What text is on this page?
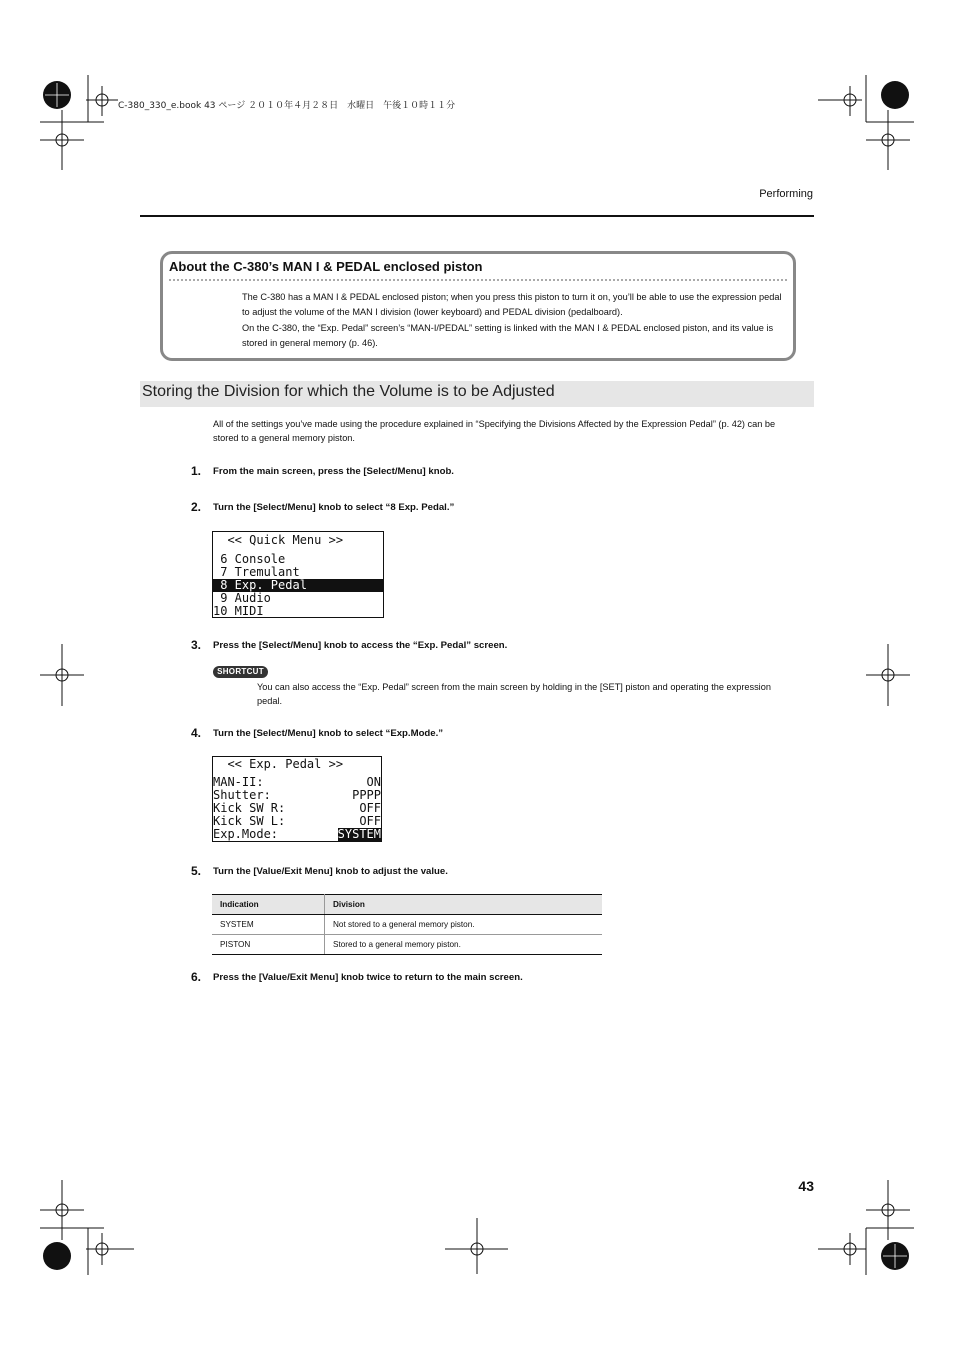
C-380_330_e.book 43 ページ ２０１０年４月２８日　水曜日　午後１０時１１分
Performing
About the C-380’s MAN I & PEDAL enclosed piston

The C-380 has a MAN I & PEDAL enclosed piston; when you press this piston to turn it on, you’ll be able to use the expression pedal to adjust the volume of the MAN I division (lower keyboard) and PEDAL division (pedalboard).

On the C-380, the “Exp. Pedal” screen’s “MAN-I/PEDAL” setting is linked with the MAN I & PEDAL enclosed piston, and its value is stored in general memory (p. 46).

Storing the Division for which the Volume is to be Adjusted
All of the settings you’ve made using the procedure explained in “Specifying the Divisions Affected by the Expression Pedal” (p. 42) can be stored to a general memory piston.
1. From the main screen, press the [Select/Menu] knob.
2. Turn the [Select/Menu] knob to select “8 Exp. Pedal.”
<< Quick Menu >>
6 Console
7 Tremulant
8 Exp. Pedal
9 Audio
10 MIDI
3. Press the [Select/Menu] knob to access the “Exp. Pedal” screen.
SHORTCUT
You can also access the “Exp. Pedal” screen from the main screen by holding in the [SET] piston and operating the expression pedal.
4. Turn the [Select/Menu] knob to select “Exp.Mode.”
<< Exp. Pedal >>
MAN-II:	ON
Shutter:	PPPP
Kick SW R:	OFF
Kick SW L:	OFF
Exp.Mode:	SYSTEM
5. Turn the [Value/Exit Menu] knob to adjust the value.
Indication	Division
SYSTEM	Not stored to a general memory piston.
PISTON	Stored to a general memory piston.
6. Press the [Value/Exit Menu] knob twice to return to the main screen.
43
